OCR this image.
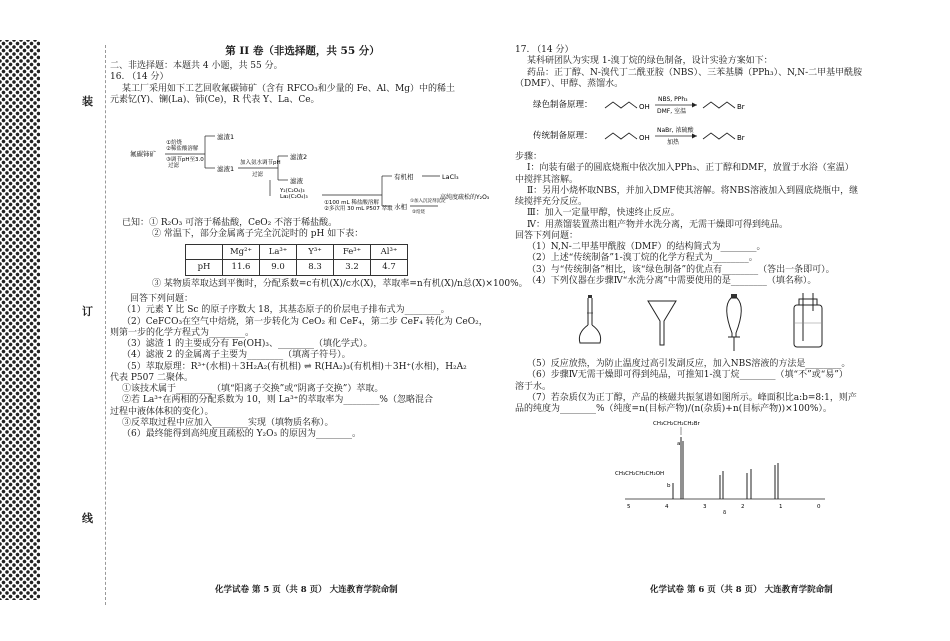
装
订
线
第 II 卷（非选择题，共 55 分）

二、非选择题：本题共 4 小题，共 55 分。

16. （14 分）

某工厂采用如下工艺回收氟碳铈矿（含有 RFCO₃和少量的 Fe、Al、Mg）中的稀土

元素钇(Y)、镧(La)、铈(Ce)，R 代表 Y、La、Ce。

氟碳铈矿
①焙烧
②稀盐酸溶解
③调节pH至3.0
过滤
滤渣1
滤液1
加入氨水调节pH
过滤
滤渣2
滤液
Y₂(C₂O₄)₃
La₂(C₂O₄)₃
①100 mL 稀盐酸溶解
②多次用 30 mL P507 萃取
有机相	LaCl₃
水相
①加入沉淀剂沉淀
②焙烧
高纯度疏松的Y₂O₃

已知：① R₂O₃ 可溶于稀盐酸，CeO₂ 不溶于稀盐酸。

② 常温下，部分金属离子完全沉淀时的 pH 如下表：

	Mg²⁺	La³⁺	Y³⁺	Fe³⁺	Al³⁺
pH	11.6	9.0	8.3	3.2	4.7

③ 某物质萃取达到平衡时，分配系数=c有机(X)/c水(X)，萃取率=n有机(X)/n总(X)×100%。

回答下列问题：

（1）元素 Y 比 Sc 的原子序数大 18，其基态原子的价层电子排布式为________。

（2）CeFCO₃在空气中焙烧，第一步转化为 CeO₂ 和 CeF₄，第二步 CeF₄ 转化为 CeO₂，

则第一步的化学方程式为________。

（3）滤渣 1 的主要成分有 Fe(OH)₃、________（填化学式）。

（4）滤液 2 的金属离子主要为________（填离子符号）。

（5）萃取原理：R³⁺(水相)＋3H₂A₂(有机相) ⇌ R(HA₂)₃(有机相)＋3H⁺(水相)，H₂A₂

代表 P507 二聚体。

①该技术属于________（填“阳离子交换”或“阴离子交换”）萃取。

②若 La³⁺在两相的分配系数为 10，则 La³⁺的萃取率为________%（忽略混合

过程中液体体积的变化）。

③反萃取过程中应加入________实现（填物质名称）。

（6）最终能得到高纯度且疏松的 Y₂O₃ 的原因为________。

化学试卷 第 5 页（共 8 页） 大连教育学院命制

17. （14 分）

某科研团队为实现 1-溴丁烷的绿色制备，设计实验方案如下：

药品：正丁醇、N-溴代丁二酰亚胺（NBS）、三苯基膦（PPh₃）、N,N-二甲基甲酰胺

（DMF）、甲醇、蒸馏水。

绿色制备原理：	OH
NBS, PPh₃
DMF, 室温
Br
传统制备原理：	OH
NaBr, 浓硫酸
加热
Br

步骤：

Ⅰ：向装有磁子的圆底烧瓶中依次加入PPh₃、正丁醇和DMF，放置于水浴（室温）

中搅拌其溶解。

Ⅱ：另用小烧杯取NBS，并加入DMF使其溶解。将NBS溶液加入到圆底烧瓶中，继

续搅拌充分反应。

Ⅲ：加入一定量甲醇，快速终止反应。

Ⅳ：用蒸馏装置蒸出粗产物并水洗分离，无需干燥即可得到纯品。

回答下列问题：

（1）N,N-二甲基甲酰胺（DMF）的结构简式为________。

（2）上述“传统制备”1-溴丁烷的化学方程式为________。

（3）与“传统制备”相比，该“绿色制备”的优点有________（答出一条即可）。

（4）下列仪器在步骤Ⅳ“水洗分离”中需要使用的是________（填名称）。

（5）反应放热，为防止温度过高引发副反应，加入NBS溶液的方法是________。

（6）步骤Ⅳ无需干燥即可得到纯品，可推知1-溴丁烷________（填“不”或“易”）

溶于水。

（7）若杂质仅为正丁醇，产品的核磁共振氢谱如图所示。峰面积比a:b=8:1，则产

品的纯度为________%（纯度=n(目标产物)/(n(杂质)+n(目标产物))×100%）。

CH₃CH₂CH₂CH₂Br
CH₃CH₂CH₂CH₂OH
a
b
5	4	3	2	1	0
δ
化学试卷 第 6 页（共 8 页） 大连教育学院命制
